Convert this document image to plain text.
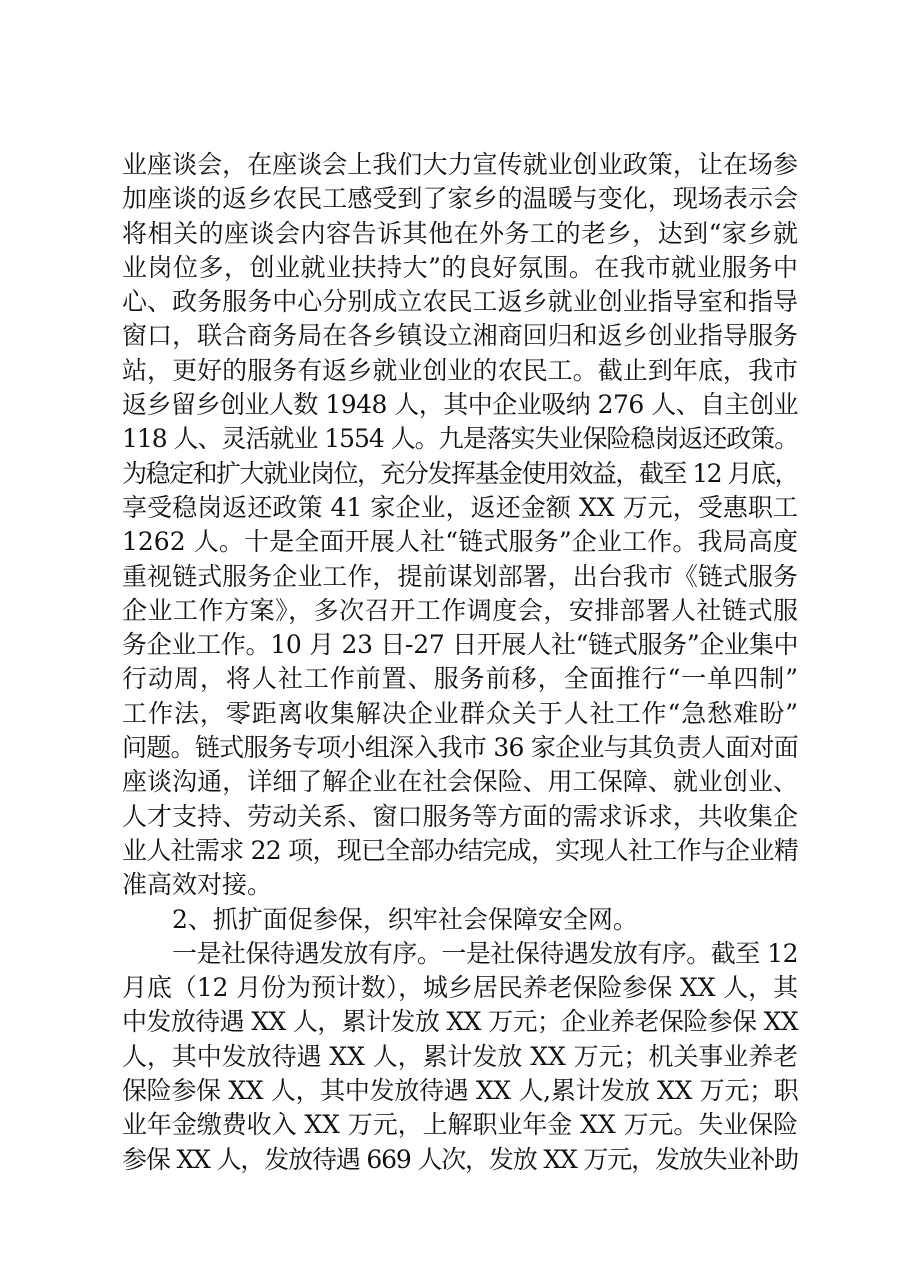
业座谈会，在座谈会上我们大力宣传就业创业政策，让在场参
加座谈的返乡农民工感受到了家乡的温暖与变化，现场表示会
将相关的座谈会内容告诉其他在外务工的老乡，达到“家乡就
业岗位多，创业就业扶持大”的良好氛围。在我市就业服务中
心、政务服务中心分别成立农民工返乡就业创业指导室和指导
窗口，联合商务局在各乡镇设立湘商回归和返乡创业指导服务
站，更好的服务有返乡就业创业的农民工。截止到年底，我市
返乡留乡创业人数 1948 人，其中企业吸纳 276 人、自主创业
118 人、灵活就业 1554 人。九是落实失业保险稳岗返还政策。
为稳定和扩大就业岗位，充分发挥基金使用效益，截至 12 月底，
享受稳岗返还政策 41 家企业，返还金额 XX 万元，受惠职工
1262 人。十是全面开展人社“链式服务”企业工作。我局高度
重视链式服务企业工作，提前谋划部署，出台我市《链式服务
企业工作方案》，多次召开工作调度会，安排部署人社链式服
务企业工作。10 月 23 日-27 日开展人社“链式服务”企业集中
行动周，将人社工作前置、服务前移，全面推行“一单四制”
工作法，零距离收集解决企业群众关于人社工作“急愁难盼”
问题。链式服务专项小组深入我市 36 家企业与其负责人面对面
座谈沟通，详细了解企业在社会保险、用工保障、就业创业、
人才支持、劳动关系、窗口服务等方面的需求诉求，共收集企
业人社需求 22 项，现已全部办结完成，实现人社工作与企业精
准高效对接。
2、抓扩面促参保，织牢社会保障安全网。
一是社保待遇发放有序。一是社保待遇发放有序。截至 12
月底（12 月份为预计数），城乡居民养老保险参保 XX 人，其
中发放待遇 XX 人，累计发放 XX 万元；企业养老保险参保 XX
人，其中发放待遇 XX 人，累计发放 XX 万元；机关事业养老
保险参保 XX 人，其中发放待遇 XX 人,累计发放 XX 万元；职
业年金缴费收入 XX 万元，上解职业年金 XX 万元。失业保险
参保 XX 人，发放待遇 669 人次，发放 XX 万元，发放失业补助
